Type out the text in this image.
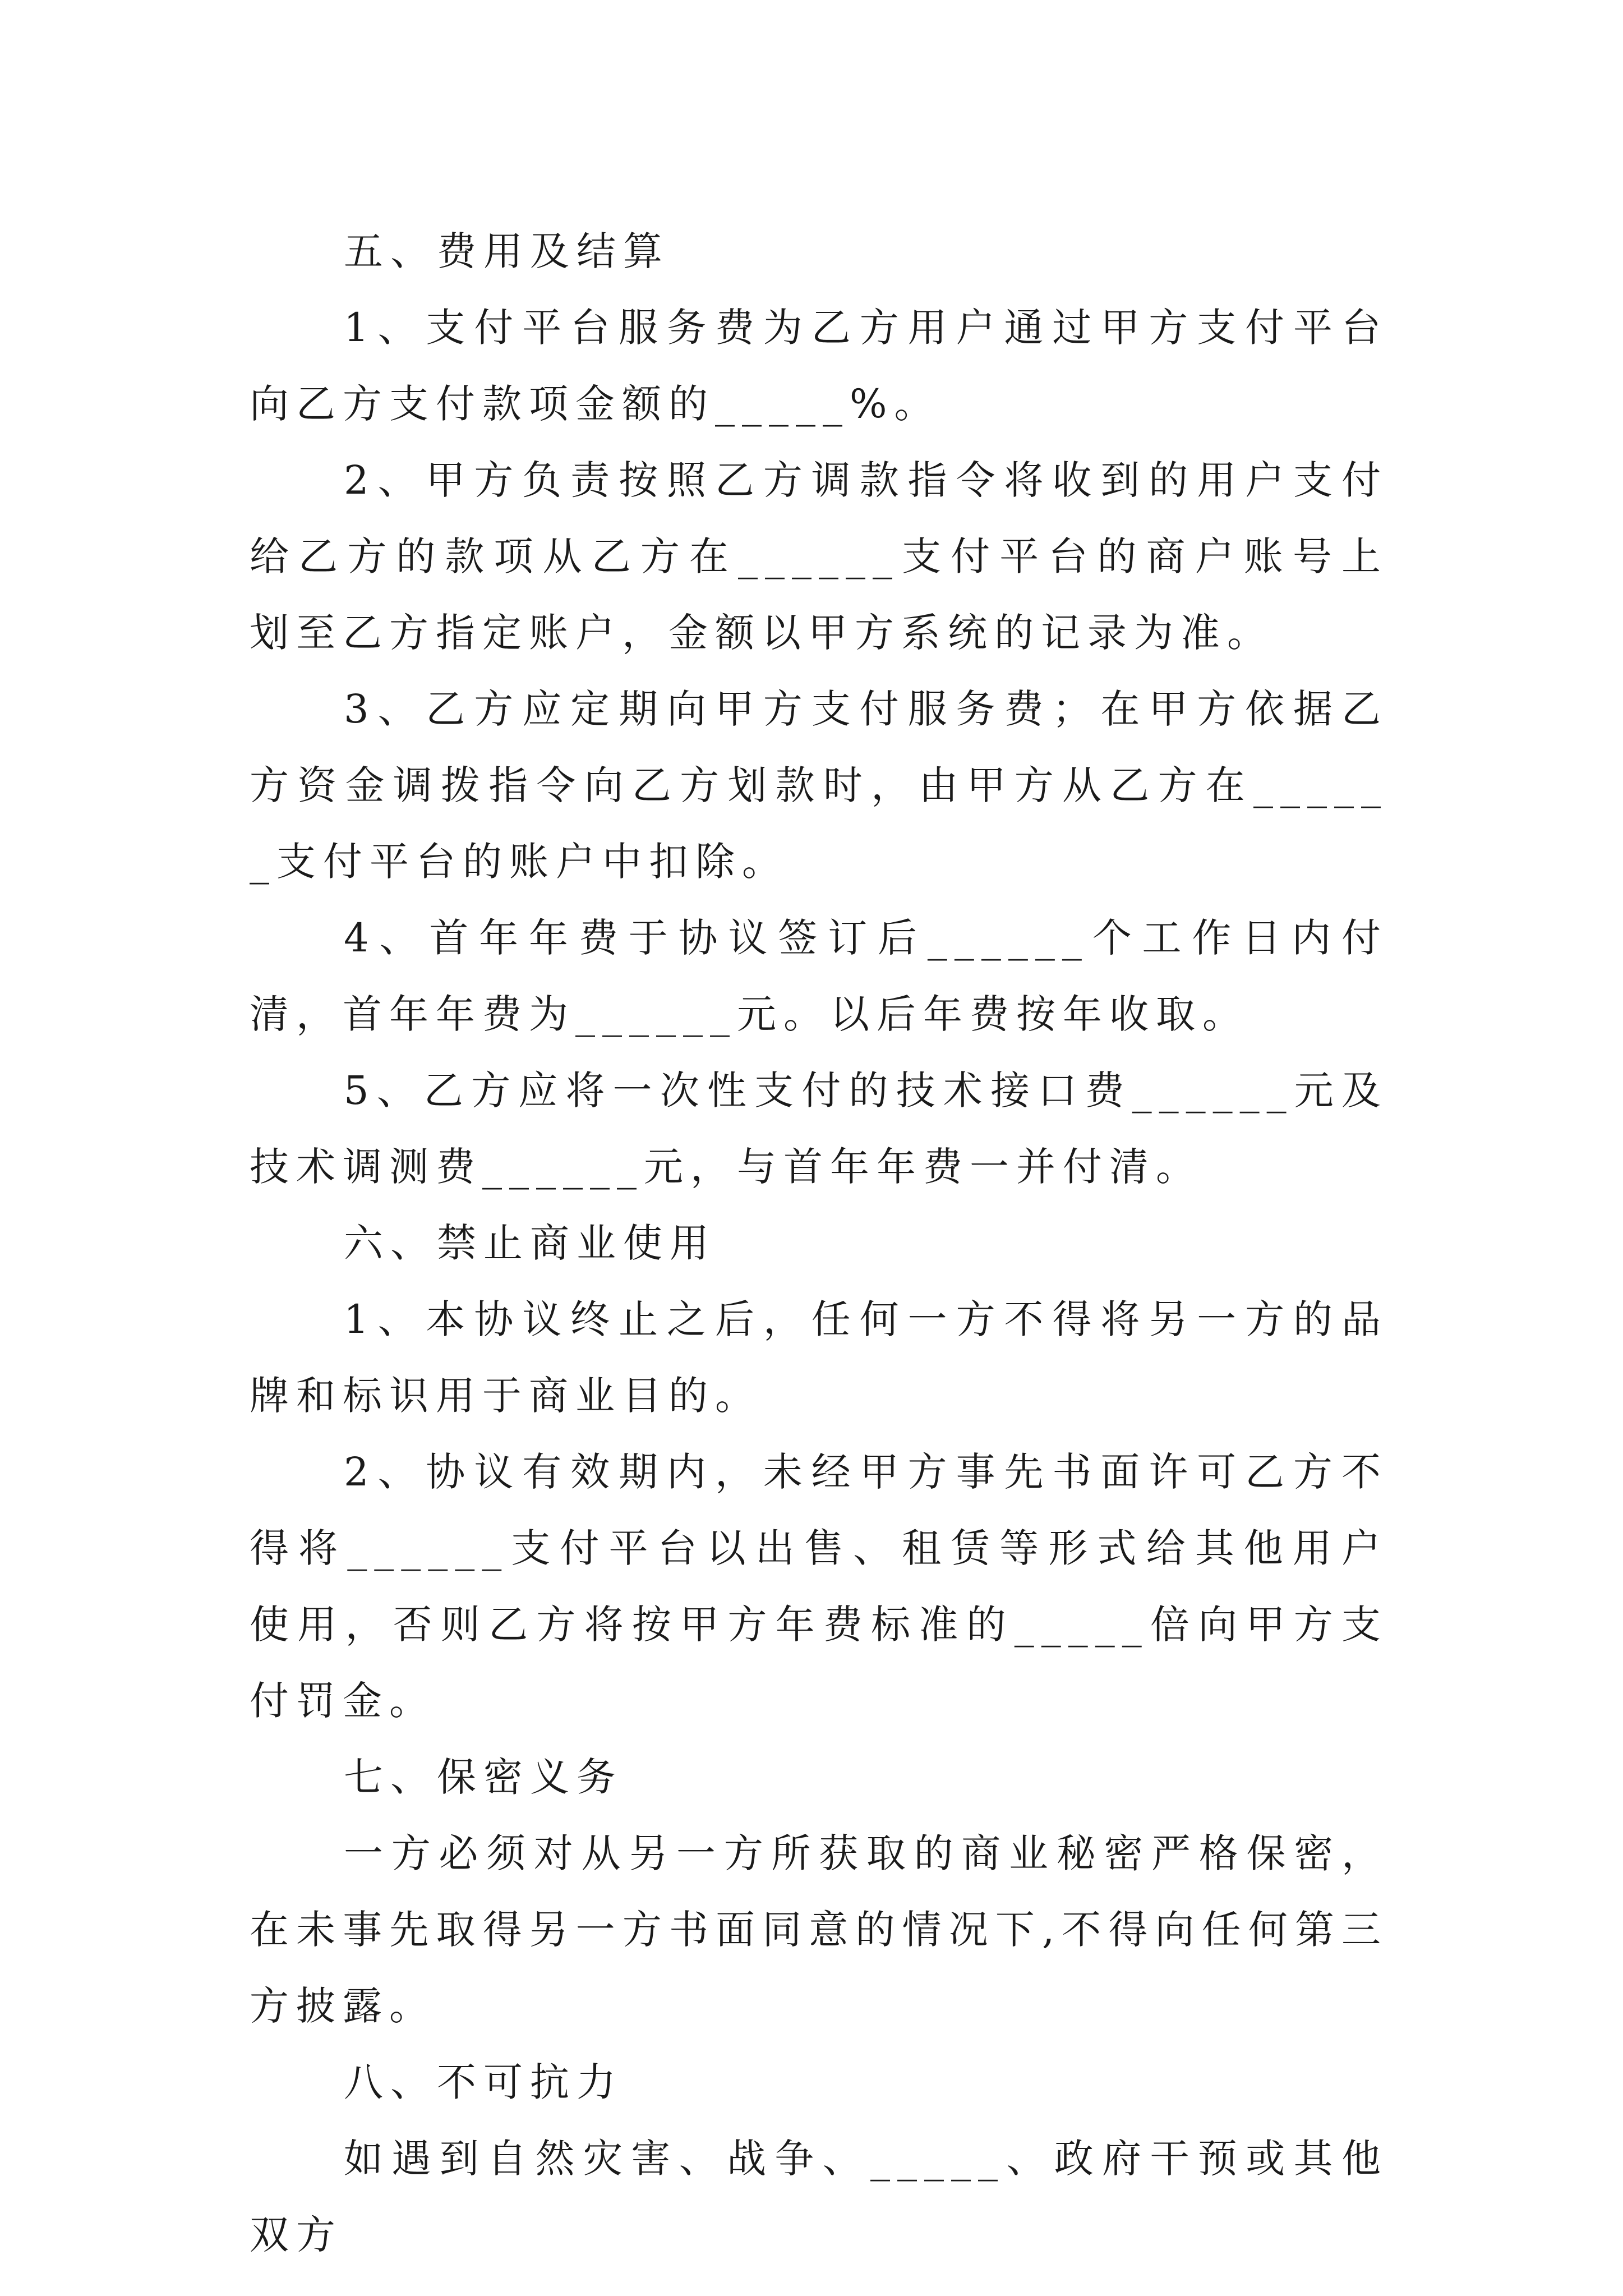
五、费用及结算

1、支付平台服务费为乙方用户通过甲方支付平台向乙方支付款项金额的_____%。

2、甲方负责按照乙方调款指令将收到的用户支付给乙方的款项从乙方在______支付平台的商户账号上划至乙方指定账户，金额以甲方系统的记录为准。

3、乙方应定期向甲方支付服务费；在甲方依据乙方资金调拨指令向乙方划款时，由甲方从乙方在______支付平台的账户中扣除。

4、首年年费于协议签订后______个工作日内付清，首年年费为______元。以后年费按年收取。

5、乙方应将一次性支付的技术接口费______元及技术调测费______元，与首年年费一并付清。

六、禁止商业使用

1、本协议终止之后，任何一方不得将另一方的品牌和标识用于商业目的。

2、协议有效期内，未经甲方事先书面许可乙方不得将______支付平台以出售、租赁等形式给其他用户使用，否则乙方将按甲方年费标准的_____倍向甲方支付罚金。

七、保密义务

一方必须对从另一方所获取的商业秘密严格保密，在未事先取得另一方书面同意的情况下,不得向任何第三方披露。

八、不可抗力

如遇到自然灾害、战争、_____、政府干预或其他双方
